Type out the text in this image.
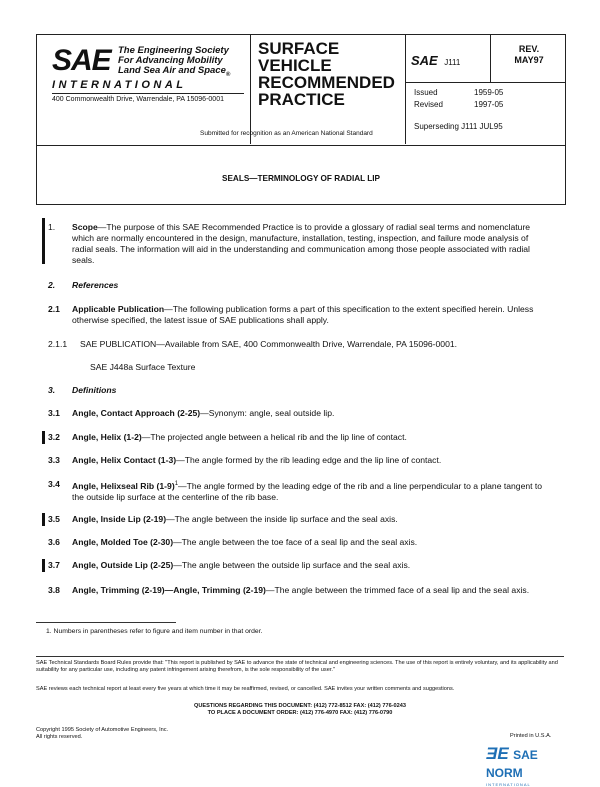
SAE The Engineering Society
For Advancing Mobility
Land Sea Air and Space$_®$
INTERNATIONAL
400 Commonwealth Drive, Warrendale, PA 15096-0001
SURFACE
VEHICLE
RECOMMENDED
PRACTICE
SAE J111
REV.
MAY97
Issued	1959-05
Revised	1997-05
Superseding J111 JUL95
Submitted for recognition as an American National Standard
SEALS—TERMINOLOGY OF RADIAL LIP
1. Scope—The purpose of this SAE Recommended Practice is to provide a glossary of radial seal terms and nomenclature which are normally encountered in the design, manufacture, installation, testing, inspection, and failure mode analysis of radial seals. The information will aid in the understanding and communication among those people associated with radial seals.
2. References
2.1 Applicable Publication—The following publication forms a part of this specification to the extent specified herein. Unless otherwise specified, the latest issue of SAE publications shall apply.
2.1.1 SAE PUBLICATION—Available from SAE, 400 Commonwealth Drive, Warrendale, PA 15096-0001.
SAE J448a Surface Texture
3. Definitions
3.1 Angle, Contact Approach (2-25)—Synonym: angle, seal outside lip.
3.2 Angle, Helix (1-2)—The projected angle between a helical rib and the lip line of contact.
3.3 Angle, Helix Contact (1-3)—The angle formed by the rib leading edge and the lip line of contact.
3.4 Angle, Helixseal Rib $(1-9)^1—The$ angle formed by the leading edge of the rib and a line perpendicular to a plane tangent to the outside lip surface at the centerline of the rib base.
3.5 Angle, Inside Lip (2-19)—The angle between the inside lip surface and the seal axis.
3.6 Angle, Molded Toe (2-30)—The angle between the toe face of a seal lip and the seal axis.
3.7 Angle, Outside Lip (2-25)—The angle between the outside lip surface and the seal axis.
3.8 Angle, Trimming (2-19)—Angle, Trimming (2-19)—The angle between the trimmed face of a seal lip and the seal axis.
1. Numbers in parentheses refer to figure and item number in that order.
SAE Technical Standards Board Rules provide that: "This report is published by SAE to advance the state of technical and engineering sciences. The use of this report is entirely voluntary, and its applicability and suitability for any particular use, including any patent infringement arising therefrom, is the sole responsibility of the user."
SAE reviews each technical report at least every five years at which time it may be reaffirmed, revised, or cancelled. SAE invites your written comments and suggestions.
QUESTIONS REGARDING THIS DOCUMENT: (412) 772-8512 FAX: (412) 776-0243
TO PLACE A DOCUMENT ORDER: (412) 776-4970 FAX: (412) 776-0790
Copyright 1995 Society of Automotive Engineers, Inc.
All rights reserved.	Printed in U.S.A.
ƎE SAE NORM
INTERNATIONAL
